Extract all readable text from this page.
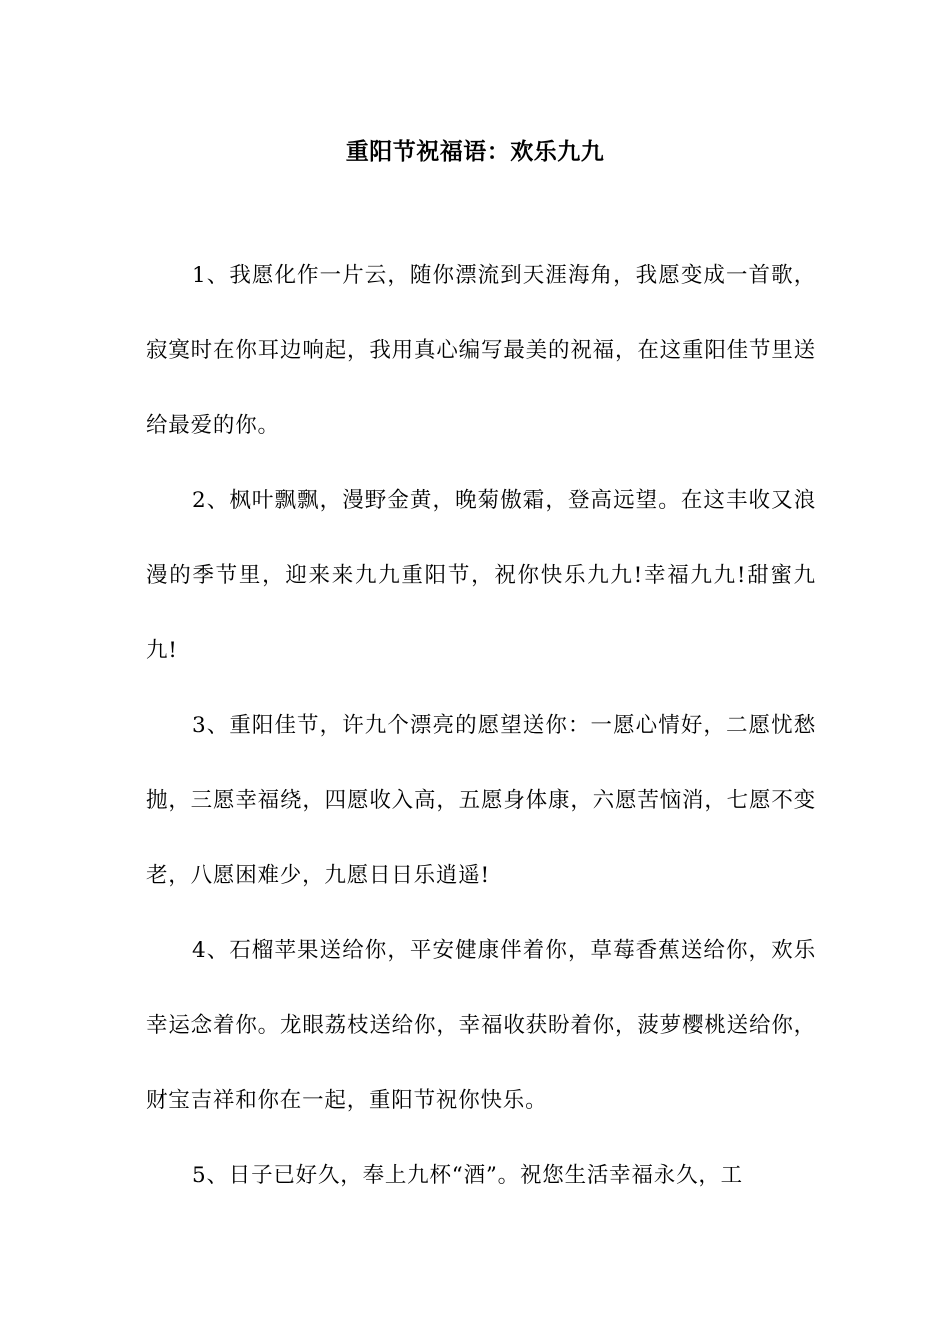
重阳节祝福语：欢乐九九

1、我愿化作一片云，随你漂流到天涯海角，我愿变成一首歌，寂寞时在你耳边响起，我用真心编写最美的祝福，在这重阳佳节里送给最爱的你。

2、枫叶飘飘，漫野金黄，晚菊傲霜，登高远望。在这丰收又浪漫的季节里，迎来来九九重阳节，祝你快乐九九!幸福九九!甜蜜九九!

3、重阳佳节，许九个漂亮的愿望送你：一愿心情好，二愿忧愁抛，三愿幸福绕，四愿收入高，五愿身体康，六愿苦恼消，七愿不变老，八愿困难少，九愿日日乐逍遥!

4、石榴苹果送给你，平安健康伴着你，草莓香蕉送给你，欢乐幸运念着你。龙眼荔枝送给你，幸福收获盼着你，菠萝樱桃送给你，财宝吉祥和你在一起，重阳节祝你快乐。

5、日子已好久，奉上九杯“酒”。祝您生活幸福永久，工
